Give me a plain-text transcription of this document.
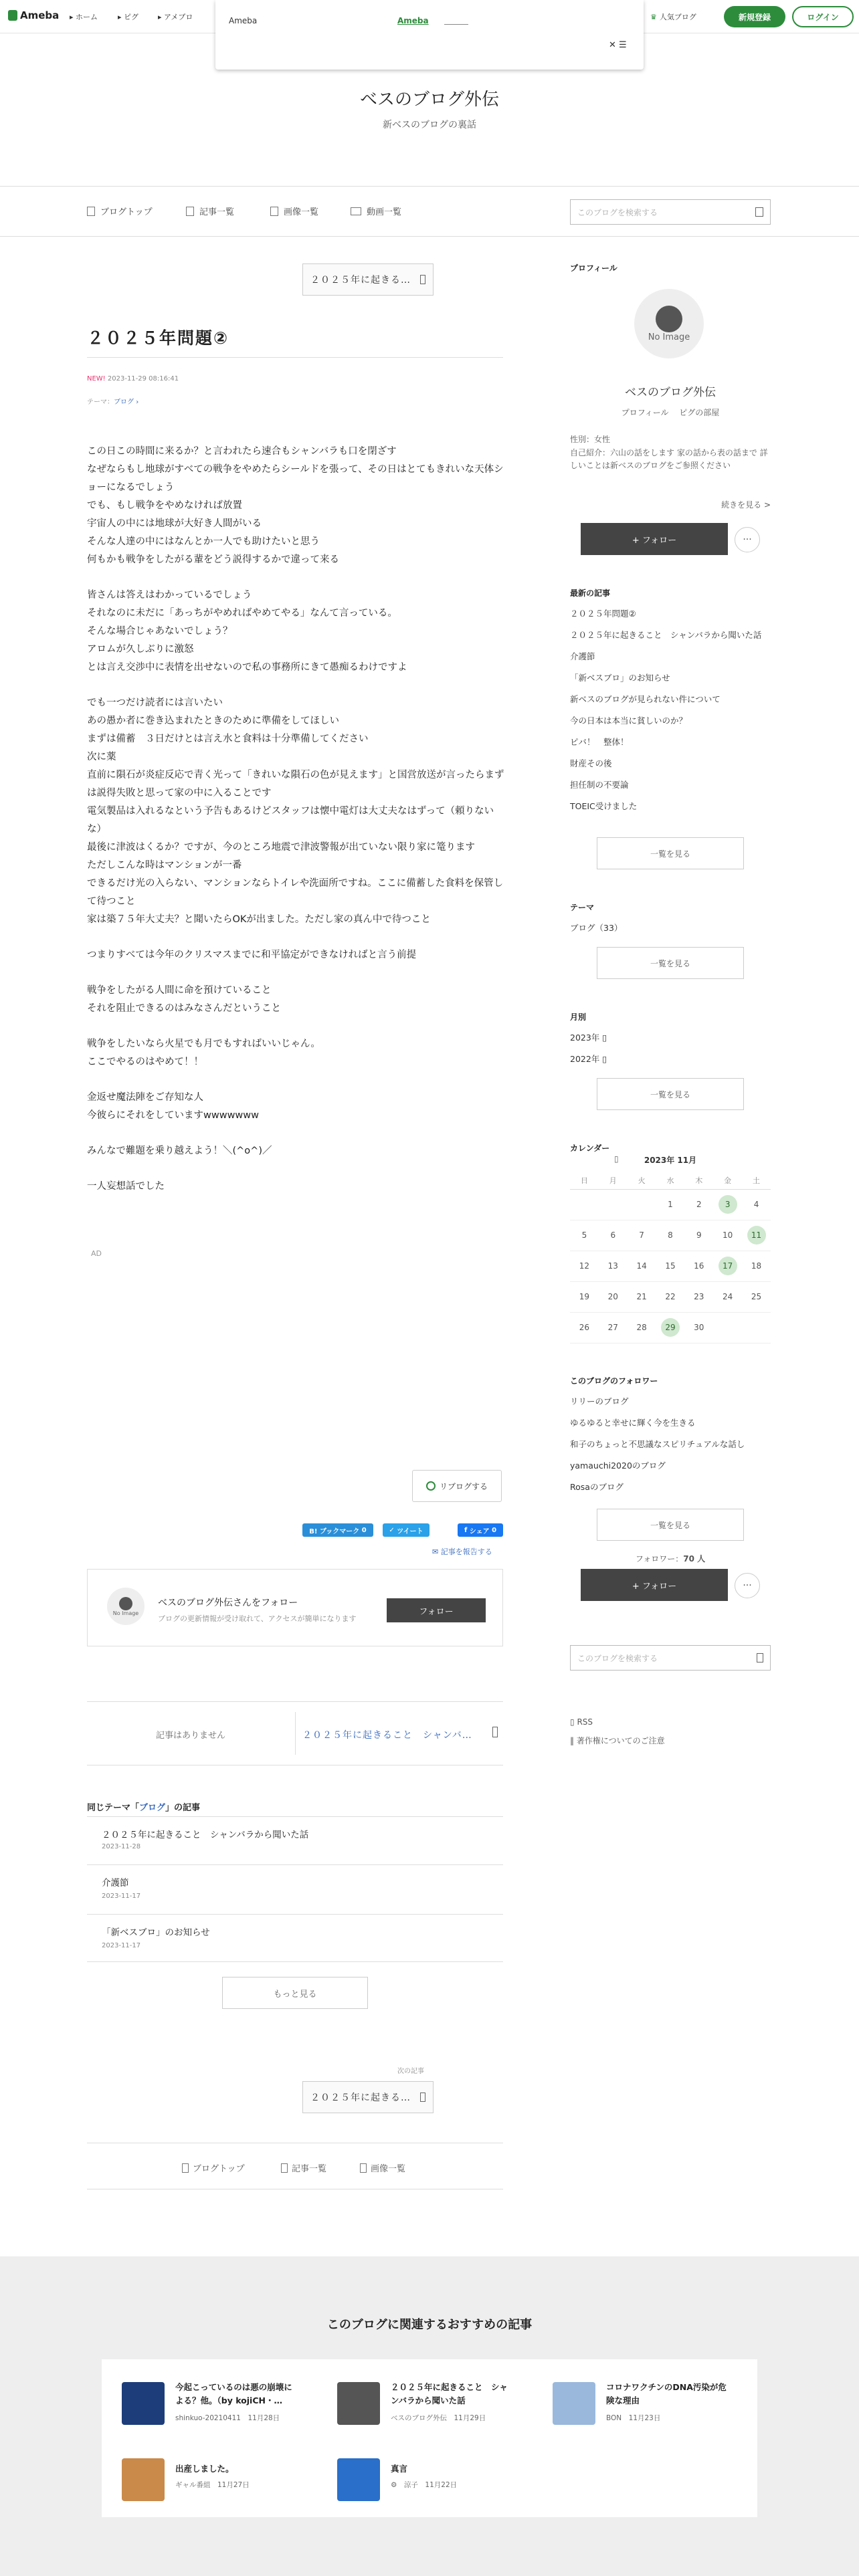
Ameba ▸ ホーム	▸ ピグ	▸ アメブロ	Ameba	Ameba
✕ ☰
♛ 人気ブログ	新規登録	ログイン
ベスのブログ外伝
新ベスのブログの裏話
ブログトップ	記事一覧	画像一覧	動画一覧	このブログを検索する
２０２５年に起きる…
２０２５年問題②
NEW! 2023-11-29 08:16:41
テーマ：ブログ ›

この日この時間に来るか？と言われたら速合もシャンバラも口を閉ざす
なぜならもし地球がすべての戦争をやめたらシールドを張って、その日はとてもきれいな天体ショーになるでしょう
でも、もし戦争をやめなければ放置
宇宙人の中には地球が大好き人間がいる
そんな人達の中にはなんとか一人でも助けたいと思う
何もかも戦争をしたがる輩をどう説得するかで違って来る

皆さんは答えはわかっているでしょう
それなのに未だに「あっちがやめればやめてやる」なんて言っている。
そんな場合じゃあないでしょう？
アロムが久しぶりに激怒
とは言え交渉中に表情を出せないので私の事務所にきて愚痴るわけですよ

でも一つだけ読者には言いたい
あの愚か者に巻き込まれたときのために準備をしてほしい
まずは備蓄　３日だけとは言え水と食料は十分準備してください
次に薬
直前に隕石が炎症反応で青く光って「きれいな隕石の色が見えます」と国営放送が言ったらまずは説得失敗と思って家の中に入ることです
電気製品は入れるなという予告もあるけどスタッフは懐中電灯は大丈夫なはずって（頼りないな）
最後に津波はくるか？ですが、今のところ地震で津波警報が出ていない限り家に篭ります
ただしこんな時はマンションが一番
できるだけ光の入らない、マンションならトイレや洗面所ですね。ここに備蓄した食料を保管して待つこと
家は築７５年大丈夫？と聞いたらOKが出ました。ただし家の真ん中で待つこと

つまりすべては今年のクリスマスまでに和平協定ができなければと言う前提

戦争をしたがる人間に命を預けていること
それを阻止できるのはみなさんだということ

戦争をしたいなら火星でも月でもすればいいじゃん。
ここでやるのはやめて！！

金返せ魔法陣をご存知な人
今彼らにそれをしていますwwwwwww

みんなで難題を乗り越えよう！＼(^o^)／

一人妄想話でした

AD
リブログする
B! ブックマーク
0	✓ ツイート	f シェア
0
✉ 記事を報告する
No Image
ベスのブログ外伝さんをフォロー
ブログの更新情報が受け取れて、アクセスが簡単になります
フォロー
記事はありません	２０２５年に起きること　シャンバ…
同じテーマ「ブログ」の記事
２０２５年に起きること　シャンバラから聞いた話
2023-11-28
介護節
2023-11-17
「新ベスブロ」のお知らせ
2023-11-17
もっと見る
次の記事
２０２５年に起きる…
ブログトップ	記事一覧	画像一覧
プロフィール
No Image
ベスのブログ外伝
プロフィール　 ピグの部屋
性別：女性
自己紹介：六山の話をします 家の話から表の話まで 詳しいことは新ベスのブログをご参照ください
続きを見る >
+ フォロー	···
最新の記事
２０２５年問題②
２０２５年に起きること　シャンバラから聞いた話
介護節
「新ベスブロ」のお知らせ
新ベスのブログが見られない件について
今の日本は本当に貧しいのか？
ピバ！　整体！
財産その後
担任制の不要論
TOEIC受けました
一覧を見る
テーマ
ブログ（33）
一覧を見る
月別
2023年 ▯
2022年 ▯
一覧を見る
カレンダー
▯	2023年 11月
日	月	火	水	木	金	土
			1	2	3	4
5	6	7	8	9	10	11
12	13	14	15	16	17	18
19	20	21	22	23	24	25
26	27	28	29	30		
このブログのフォロワー
リリーのブログ
ゆるゆると幸せに輝く今を生きる
和子のちょっと不思議なスピリチュアルな話し
yamauchi2020のブログ
Rosaのブログ
一覧を見る
フォロワー：70 人
+ フォロー	···
このブログを検索する
▯ RSS
‖ 著作権についてのご注意
このブログに関連するおすすめの記事
今起こっているのは悪の崩壊による？他。（by kojiCH・…
shinkuo-20210411　11月28日
２０２５年に起きること　シャンバラから聞いた話
ベスのブログ外伝　11月29日
コロナワクチンのDNA汚染が危険な理由
BON　11月23日
出産しました。
ギャル番組　11月27日
真言
⚙　涼子　11月22日
